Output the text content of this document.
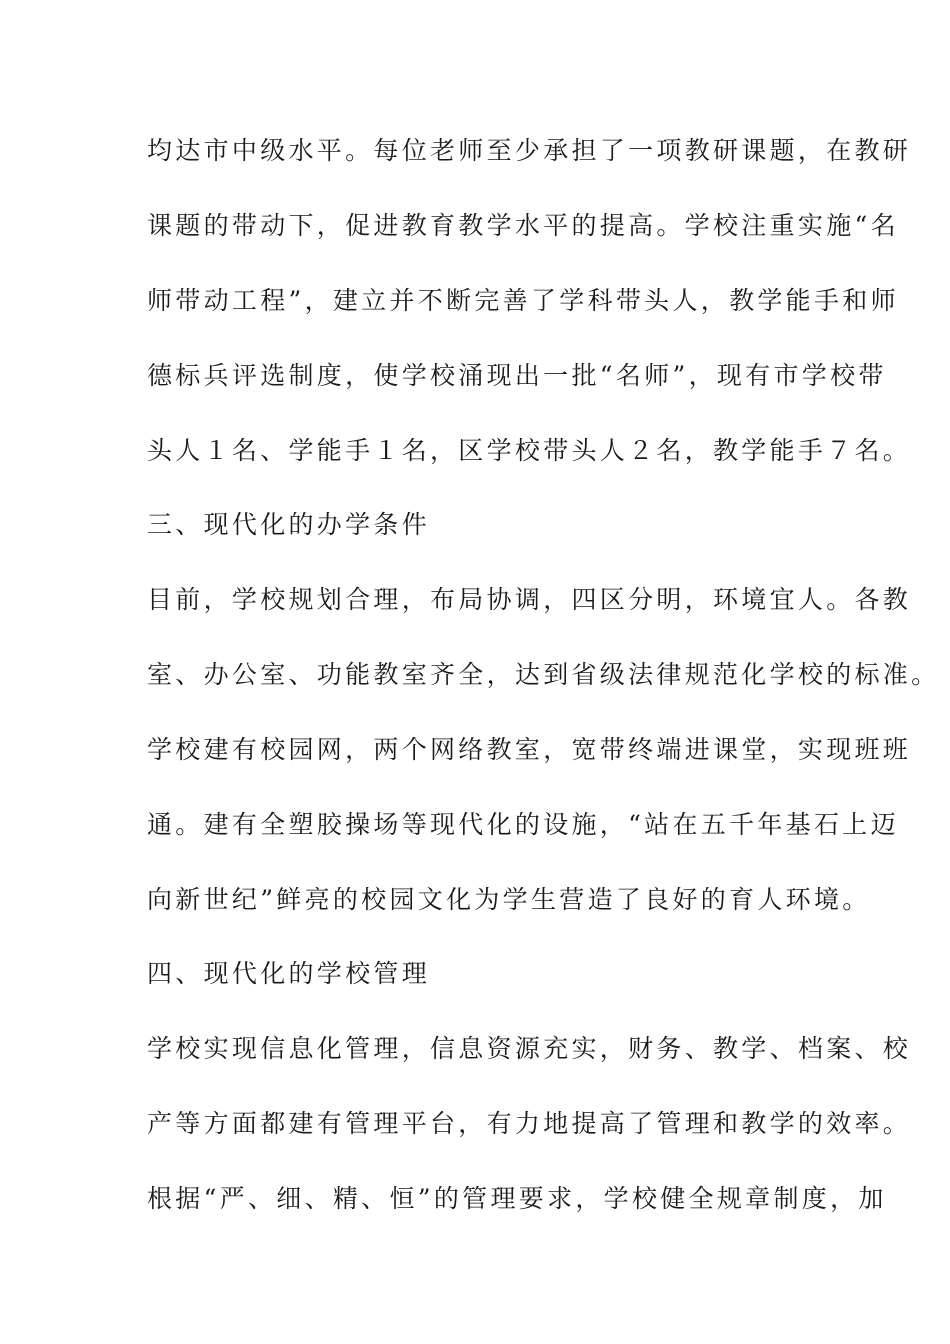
均达市中级水平。每位老师至少承担了一项教研课题，在教研
课题的带动下，促进教育教学水平的提高。学校注重实施“名
师带动工程”，建立并不断完善了学科带头人，教学能手和师
德标兵评选制度，使学校涌现出一批“名师”，现有市学校带
头人１名、学能手１名，区学校带头人２名，教学能手７名。
三、现代化的办学条件
目前，学校规划合理，布局协调，四区分明，环境宜人。各教
室、办公室、功能教室齐全，达到省级法律规范化学校的标准。
学校建有校园网，两个网络教室，宽带终端进课堂，实现班班
通。建有全塑胶操场等现代化的设施，“站在五千年基石上迈
向新世纪”鲜亮的校园文化为学生营造了良好的育人环境。
四、现代化的学校管理
学校实现信息化管理，信息资源充实，财务、教学、档案、校
产等方面都建有管理平台，有力地提高了管理和教学的效率。
根据“严、细、精、恒”的管理要求，学校健全规章制度，加
